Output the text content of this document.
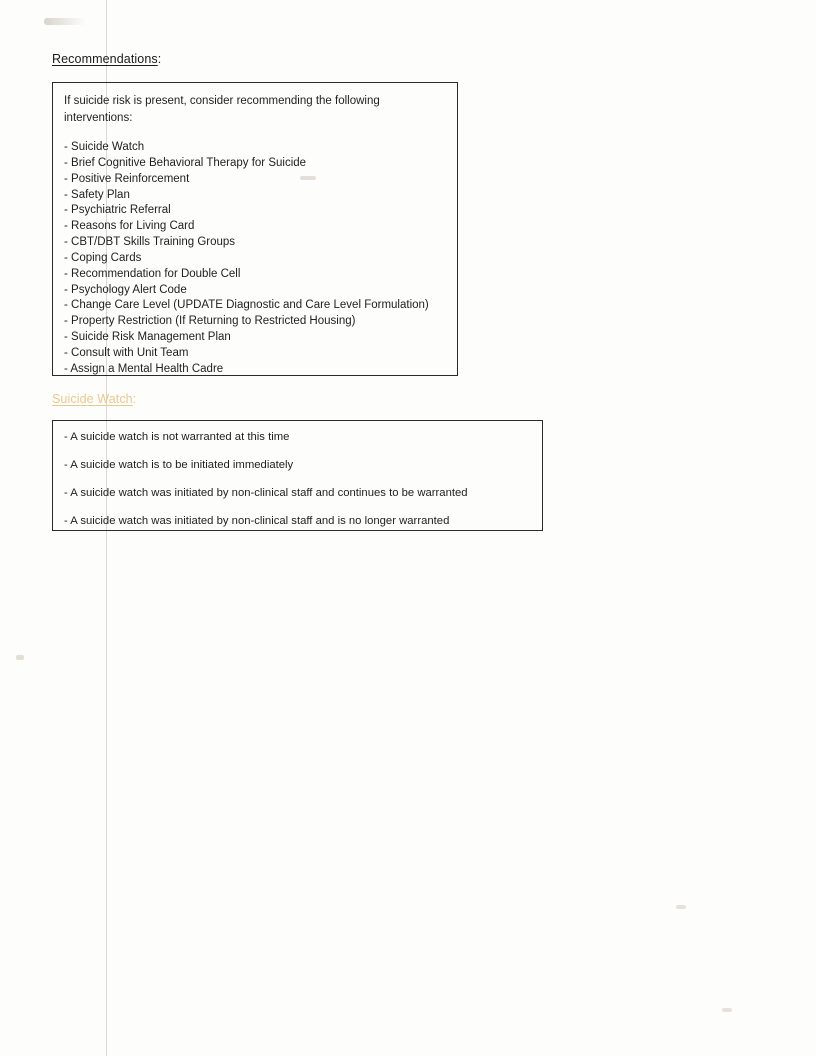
Recommendations:
If suicide risk is present, consider recommending the following interventions:
- Suicide Watch
- Brief Cognitive Behavioral Therapy for Suicide
- Positive Reinforcement
- Safety Plan
- Psychiatric Referral
- Reasons for Living Card
- CBT/DBT Skills Training Groups
- Coping Cards
- Recommendation for Double Cell
- Psychology Alert Code
- Change Care Level (UPDATE Diagnostic and Care Level Formulation)
- Property Restriction (If Returning to Restricted Housing)
- Suicide Risk Management Plan
- Consult with Unit Team
- Assign a Mental Health Cadre
Suicide Watch:
- A suicide watch is not warranted at this time
- A suicide watch is to be initiated immediately
- A suicide watch was initiated by non-clinical staff and continues to be warranted
- A suicide watch was initiated by non-clinical staff and is no longer warranted
